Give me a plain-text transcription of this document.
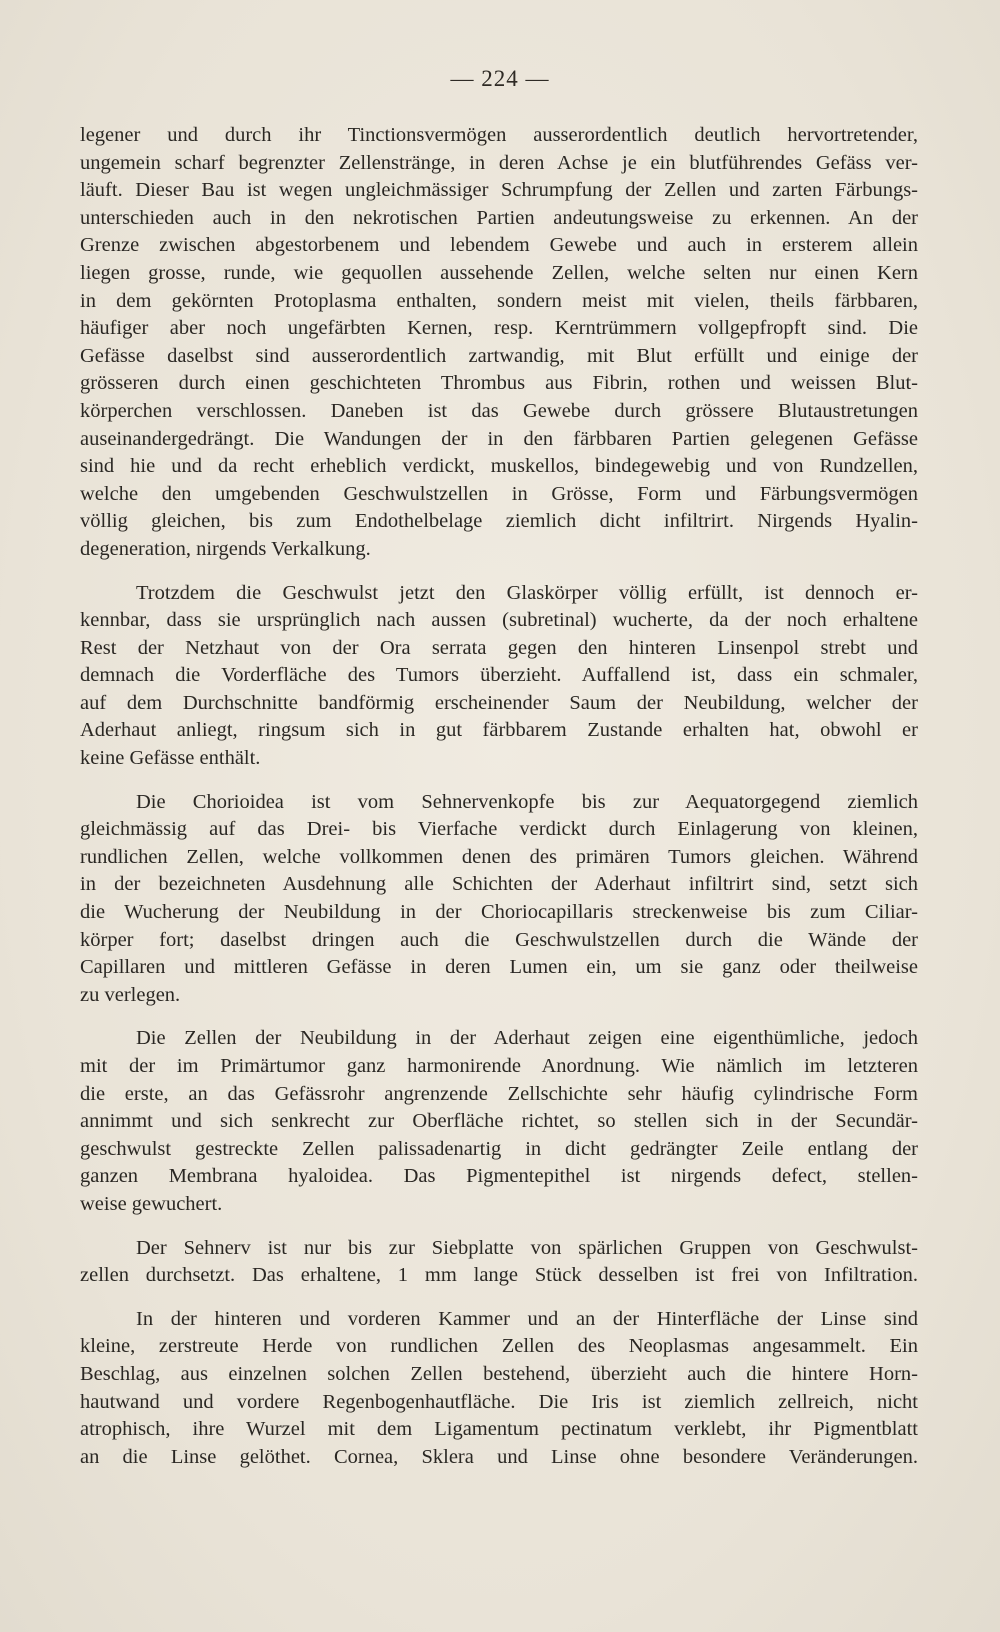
— 224 —
legener und durch ihr Tinctionsvermögen ausserordentlich deutlich hervortretender,
ungemein scharf begrenzter Zellenstränge, in deren Achse je ein blutführendes Gefäss ver-
läuft. Dieser Bau ist wegen ungleichmässiger Schrumpfung der Zellen und zarten Färbungs-
unterschieden auch in den nekrotischen Partien andeutungsweise zu erkennen. An der
Grenze zwischen abgestorbenem und lebendem Gewebe und auch in ersterem allein
liegen grosse, runde, wie gequollen aussehende Zellen, welche selten nur einen Kern
in dem gekörnten Protoplasma enthalten, sondern meist mit vielen, theils färbbaren,
häufiger aber noch ungefärbten Kernen, resp. Kerntrümmern vollgepfropft sind. Die
Gefässe daselbst sind ausserordentlich zartwandig, mit Blut erfüllt und einige der
grösseren durch einen geschichteten Thrombus aus Fibrin, rothen und weissen Blut-
körperchen verschlossen. Daneben ist das Gewebe durch grössere Blutaustretungen
auseinandergedrängt. Die Wandungen der in den färbbaren Partien gelegenen Gefässe
sind hie und da recht erheblich verdickt, muskellos, bindegewebig und von Rundzellen,
welche den umgebenden Geschwulstzellen in Grösse, Form und Färbungsvermögen
völlig gleichen, bis zum Endothelbelage ziemlich dicht infiltrirt. Nirgends Hyalin-
degeneration, nirgends Verkalkung.
Trotzdem die Geschwulst jetzt den Glaskörper völlig erfüllt, ist dennoch er-
kennbar, dass sie ursprünglich nach aussen (subretinal) wucherte, da der noch erhaltene
Rest der Netzhaut von der Ora serrata gegen den hinteren Linsenpol strebt und
demnach die Vorderfläche des Tumors überzieht. Auffallend ist, dass ein schmaler,
auf dem Durchschnitte bandförmig erscheinender Saum der Neubildung, welcher der
Aderhaut anliegt, ringsum sich in gut färbbarem Zustande erhalten hat, obwohl er
keine Gefässe enthält.
Die Chorioidea ist vom Sehnervenkopfe bis zur Aequatorgegend ziemlich
gleichmässig auf das Drei- bis Vierfache verdickt durch Einlagerung von kleinen,
rundlichen Zellen, welche vollkommen denen des primären Tumors gleichen. Während
in der bezeichneten Ausdehnung alle Schichten der Aderhaut infiltrirt sind, setzt sich
die Wucherung der Neubildung in der Choriocapillaris streckenweise bis zum Ciliar-
körper fort; daselbst dringen auch die Geschwulstzellen durch die Wände der
Capillaren und mittleren Gefässe in deren Lumen ein, um sie ganz oder theilweise
zu verlegen.
Die Zellen der Neubildung in der Aderhaut zeigen eine eigenthümliche, jedoch
mit der im Primärtumor ganz harmonirende Anordnung. Wie nämlich im letzteren
die erste, an das Gefässrohr angrenzende Zellschichte sehr häufig cylindrische Form
annimmt und sich senkrecht zur Oberfläche richtet, so stellen sich in der Secundär-
geschwulst gestreckte Zellen palissadenartig in dicht gedrängter Zeile entlang der
ganzen Membrana hyaloidea. Das Pigmentepithel ist nirgends defect, stellen-
weise gewuchert.
Der Sehnerv ist nur bis zur Siebplatte von spärlichen Gruppen von Geschwulst-
zellen durchsetzt. Das erhaltene, 1 mm lange Stück desselben ist frei von Infiltration.
In der hinteren und vorderen Kammer und an der Hinterfläche der Linse sind
kleine, zerstreute Herde von rundlichen Zellen des Neoplasmas angesammelt. Ein
Beschlag, aus einzelnen solchen Zellen bestehend, überzieht auch die hintere Horn-
hautwand und vordere Regenbogenhautfläche. Die Iris ist ziemlich zellreich, nicht
atrophisch, ihre Wurzel mit dem Ligamentum pectinatum verklebt, ihr Pigmentblatt
an die Linse gelöthet. Cornea, Sklera und Linse ohne besondere Veränderungen.
